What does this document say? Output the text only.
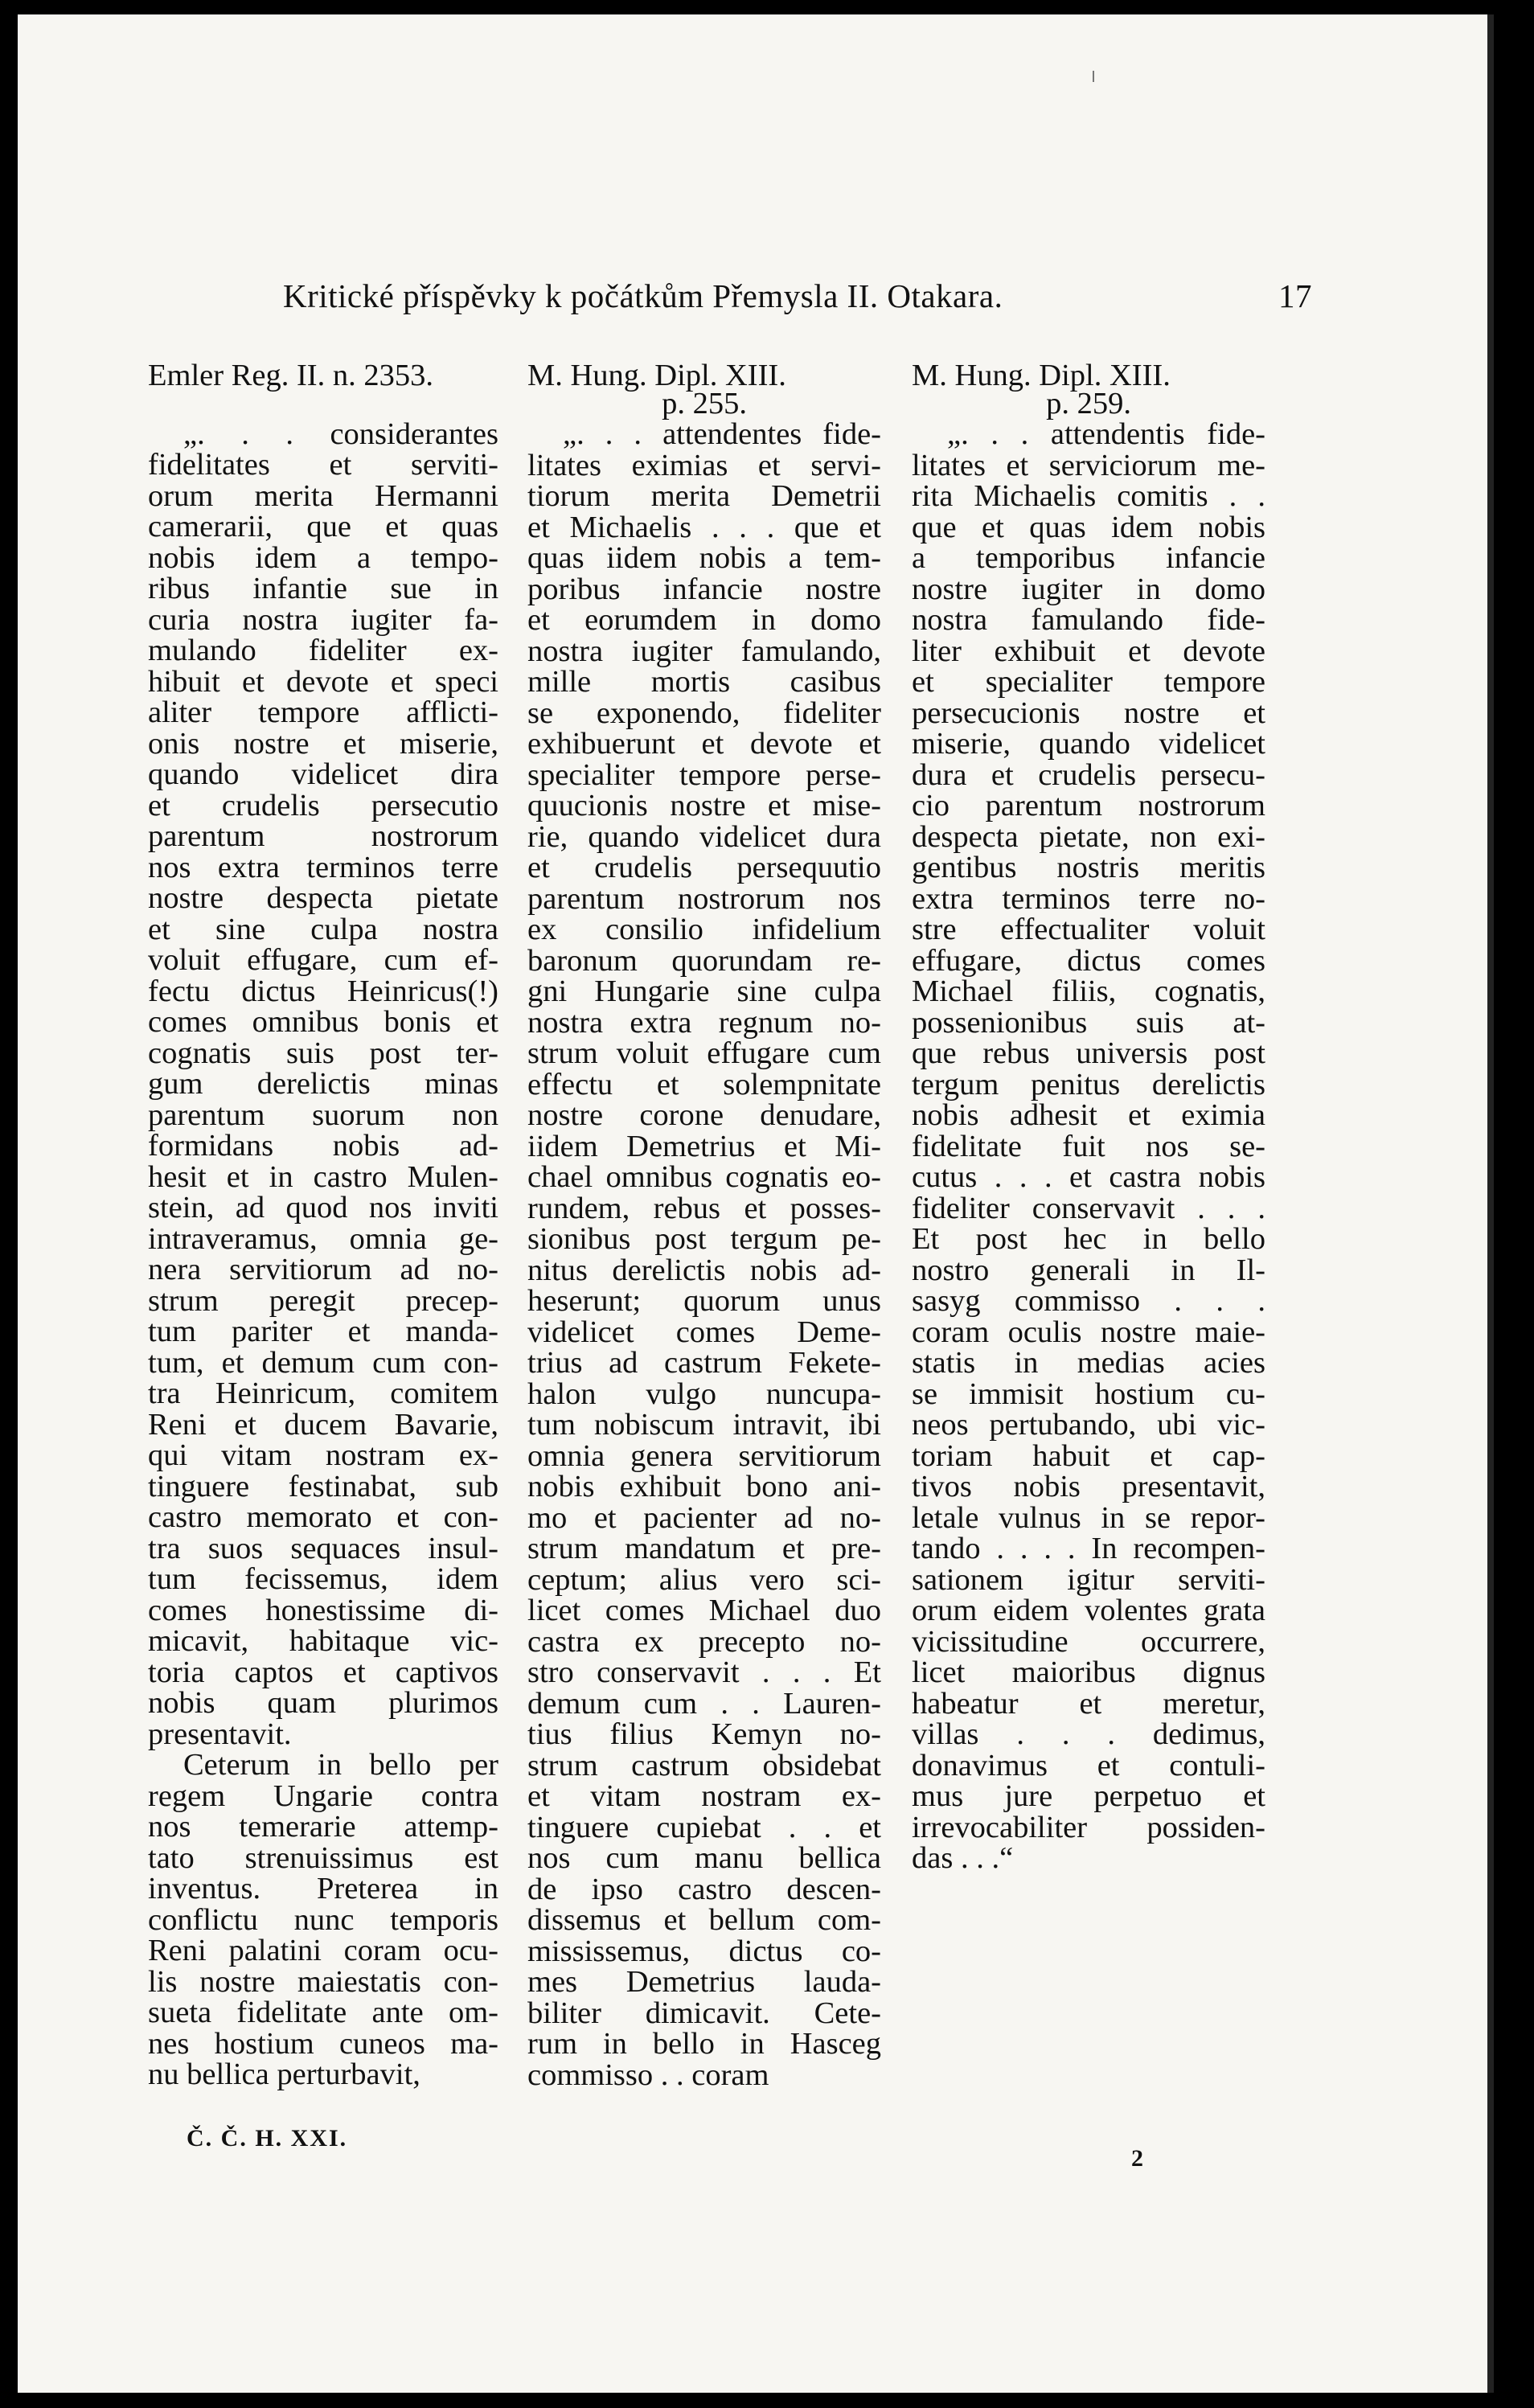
Kritické příspěvky k počátkům Přemysla II. Otakara.	17
Emler Reg. II. n. 2353.
„. . . considerantes
fidelitates et serviti-
orum merita Hermanni
camerarii, que et quas
nobis idem a tempo-
ribus infantie sue in
curia nostra iugiter fa-
mulando fideliter ex-
hibuit et devote et speci
aliter tempore afflicti-
onis nostre et miserie,
quando videlicet dira
et crudelis persecutio
parentum nostrorum
nos extra terminos terre
nostre despecta pietate
et sine culpa nostra
voluit effugare, cum ef-
fectu dictus Heinricus(!)
comes omnibus bonis et
cognatis suis post ter-
gum derelictis minas
parentum suorum non
formidans nobis ad-
hesit et in castro Mulen-
stein, ad quod nos inviti
intraveramus, omnia ge-
nera servitiorum ad no-
strum peregit precep-
tum pariter et manda-
tum, et demum cum con-
tra Heinricum, comitem
Reni et ducem Bavarie,
qui vitam nostram ex-
tinguere festinabat, sub
castro memorato et con-
tra suos sequaces insul-
tum fecissemus, idem
comes honestissime di-
micavit, habitaque vic-
toria captos et captivos
nobis quam plurimos
presentavit.
Ceterum in bello per
regem Ungarie contra
nos temerarie attemp-
tato strenuissimus est
inventus. Preterea in
conflictu nunc temporis
Reni palatini coram ocu-
lis nostre maiestatis con-
sueta fidelitate ante om-
nes hostium cuneos ma-
nu bellica perturbavit,
M. Hung. Dipl. XIII.
p. 255.
„. . . attendentes fide-
litates eximias et servi-
tiorum merita Demetrii
et Michaelis . . . que et
quas iidem nobis a tem-
poribus infancie nostre
et eorumdem in domo
nostra iugiter famulando,
mille mortis casibus
se exponendo, fideliter
exhibuerunt et devote et
specialiter tempore perse-
quucionis nostre et mise-
rie, quando videlicet dura
et crudelis persequutio
parentum nostrorum nos
ex consilio infidelium
baronum quorundam re-
gni Hungarie sine culpa
nostra extra regnum no-
strum voluit effugare cum
effectu et solempnitate
nostre corone denudare,
iidem Demetrius et Mi-
chael omnibus cognatis eo-
rundem, rebus et posses-
sionibus post tergum pe-
nitus derelictis nobis ad-
heserunt; quorum unus
videlicet comes Deme-
trius ad castrum Fekete-
halon vulgo nuncupa-
tum nobiscum intravit, ibi
omnia genera servitiorum
nobis exhibuit bono ani-
mo et pacienter ad no-
strum mandatum et pre-
ceptum; alius vero sci-
licet comes Michael duo
castra ex precepto no-
stro conservavit . . . Et
demum cum . . Lauren-
tius filius Kemyn no-
strum castrum obsidebat
et vitam nostram ex-
tinguere cupiebat . . et
nos cum manu bellica
de ipso castro descen-
dissemus et bellum com-
mississemus, dictus co-
mes Demetrius lauda-
biliter dimicavit. Cete-
rum in bello in Hasceg
commisso . . coram
M. Hung. Dipl. XIII.
p. 259.
„. . . attendentis fide-
litates et serviciorum me-
rita Michaelis comitis . .
que et quas idem nobis
a temporibus infancie
nostre iugiter in domo
nostra famulando fide-
liter exhibuit et devote
et specialiter tempore
persecucionis nostre et
miserie, quando videlicet
dura et crudelis persecu-
cio parentum nostrorum
despecta pietate, non exi-
gentibus nostris meritis
extra terminos terre no-
stre effectualiter voluit
effugare, dictus comes
Michael filiis, cognatis,
possenionibus suis at-
que rebus universis post
tergum penitus derelictis
nobis adhesit et eximia
fidelitate fuit nos se-
cutus . . . et castra nobis
fideliter conservavit . . .
Et post hec in bello
nostro generali in Il-
sasyg commisso . . .
coram oculis nostre maie-
statis in medias acies
se immisit hostium cu-
neos pertubando, ubi vic-
toriam habuit et cap-
tivos nobis presentavit,
letale vulnus in se repor-
tando . . . . In recompen-
sationem igitur serviti-
orum eidem volentes grata
vicissitudine occurrere,
licet maioribus dignus
habeatur et meretur,
villas . . . dedimus,
donavimus et contuli-
mus jure perpetuo et
irrevocabiliter possiden-
das . . .“
Č. Č. H. XXI.
2
